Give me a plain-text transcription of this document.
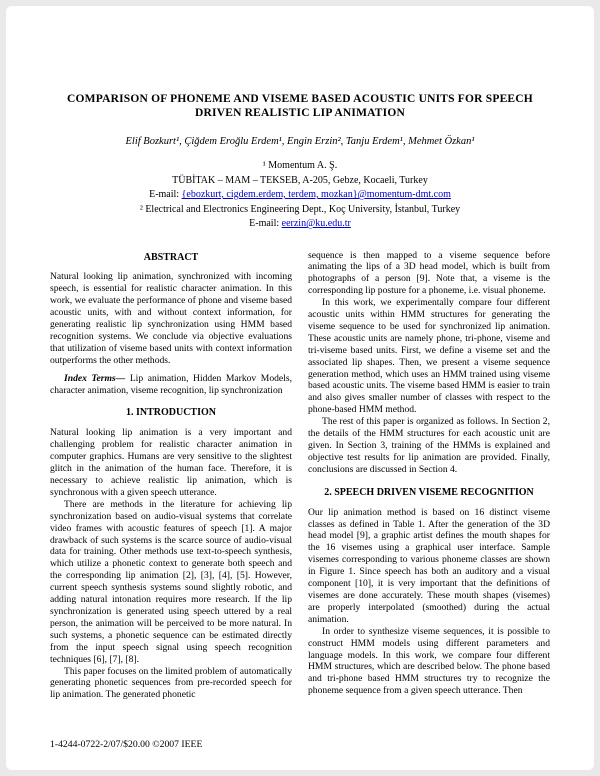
COMPARISON OF PHONEME AND VISEME BASED ACOUSTIC UNITS FOR SPEECH DRIVEN REALISTIC LIP ANIMATION
Elif Bozkurt¹, Çiğdem Eroğlu Erdem¹, Engin Erzin², Tanju Erdem¹, Mehmet Özkan¹
¹ Momentum A. Ş.
TÜBİTAK – MAM – TEKSEB, A-205, Gebze, Kocaeli, Turkey
E-mail: {ebozkurt, cigdem.erdem, terdem, mozkan}@momentum-dmt.com
² Electrical and Electronics Engineering Dept., Koç University, İstanbul, Turkey
E-mail: eerzin@ku.edu.tr
ABSTRACT

Natural looking lip animation, synchronized with incoming speech, is essential for realistic character animation. In this work, we evaluate the performance of phone and viseme based acoustic units, with and without context information, for generating realistic lip synchronization using HMM based recognition systems. We conclude via objective evaluations that utilization of viseme based units with context information outperforms the other methods.

Index Terms— Lip animation, Hidden Markov Models, character animation, viseme recognition, lip synchronization

1. INTRODUCTION

Natural looking lip animation is a very important and challenging problem for realistic character animation in computer graphics. Humans are very sensitive to the slightest glitch in the animation of the human face. Therefore, it is necessary to achieve realistic lip animation, which is synchronous with a given speech utterance.

There are methods in the literature for achieving lip synchronization based on audio-visual systems that correlate video frames with acoustic features of speech [1]. A major drawback of such systems is the scarce source of audio-visual data for training. Other methods use text-to-speech synthesis, which utilize a phonetic context to generate both speech and the corresponding lip animation [2], [3], [4], [5]. However, current speech synthesis systems sound slightly robotic, and adding natural intonation requires more research. If the lip synchronization is generated using speech uttered by a real person, the animation will be perceived to be more natural. In such systems, a phonetic sequence can be estimated directly from the input speech signal using speech recognition techniques [6], [7], [8].

This paper focuses on the limited problem of automatically generating phonetic sequences from pre-recorded speech for lip animation. The generated phonetic

sequence is then mapped to a viseme sequence before animating the lips of a 3D head model, which is built from photographs of a person [9]. Note that, a viseme is the corresponding lip posture for a phoneme, i.e. visual phoneme.

In this work, we experimentally compare four different acoustic units within HMM structures for generating the viseme sequence to be used for synchronized lip animation. These acoustic units are namely phone, tri-phone, viseme and tri-viseme based units. First, we define a viseme set and the associated lip shapes. Then, we present a viseme sequence generation method, which uses an HMM trained using viseme based acoustic units. The viseme based HMM is easier to train and also gives smaller number of classes with respect to the phone-based HMM method.

The rest of this paper is organized as follows. In Section 2, the details of the HMM structures for each acoustic unit are given. In Section 3, training of the HMMs is explained and objective test results for lip animation are provided. Finally, conclusions are discussed in Section 4.

2. SPEECH DRIVEN VISEME RECOGNITION

Our lip animation method is based on 16 distinct viseme classes as defined in Table 1. After the generation of the 3D head model [9], a graphic artist defines the mouth shapes for the 16 visemes using a graphical user interface. Sample visemes corresponding to various phoneme classes are shown in Figure 1. Since speech has both an auditory and a visual component [10], it is very important that the definitions of visemes are done accurately. These mouth shapes (visemes) are properly interpolated (smoothed) during the actual animation.

In order to synthesize viseme sequences, it is possible to construct HMM models using different parameters and language models. In this work, we compare four different HMM structures, which are described below. The phone based and tri-phone based HMM structures try to recognize the phoneme sequence from a given speech utterance. Then

1-4244-0722-2/07/$20.00 ©2007 IEEE
